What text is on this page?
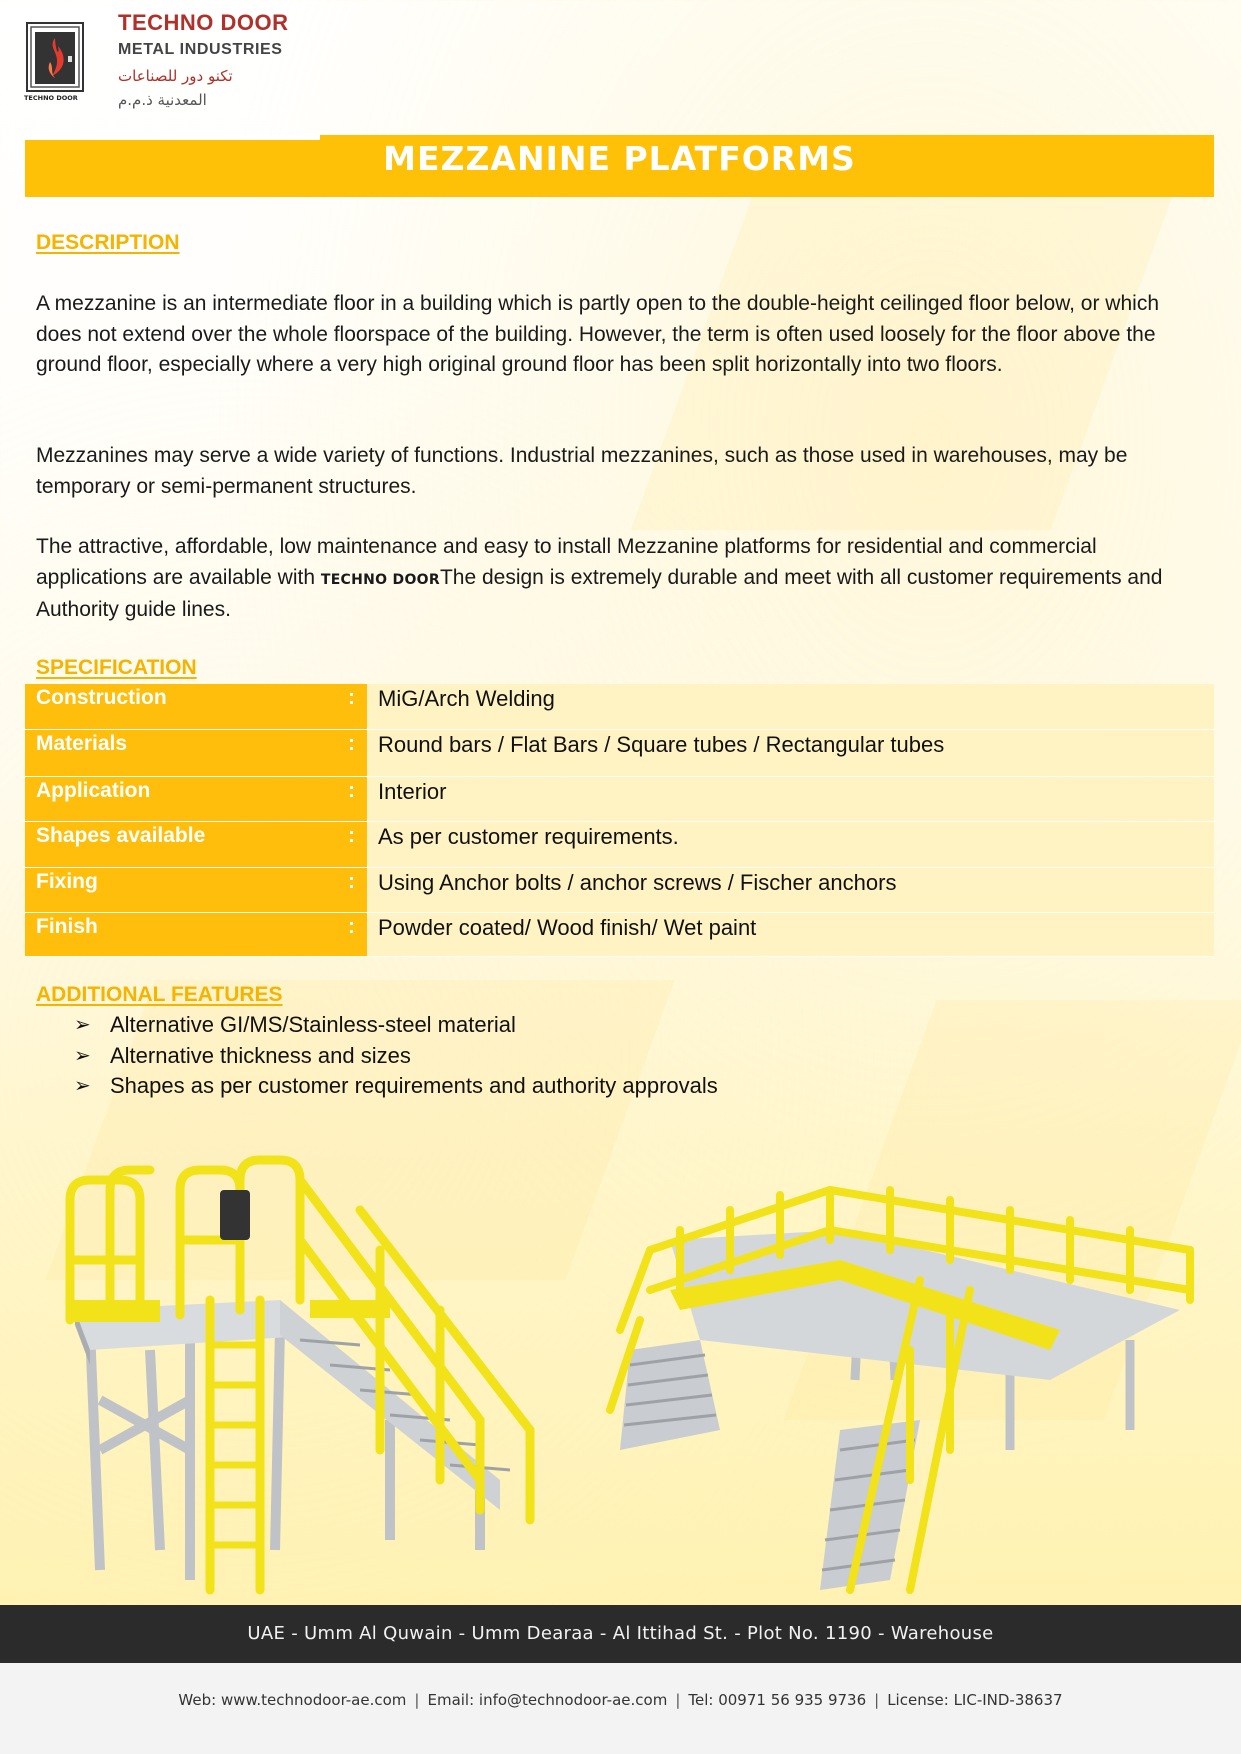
TECHNO DOOR
TECHNO DOOR
METAL INDUSTRIES
تكنو دور للصناعات
المعدنية ذ.م.م
MEZZANINE PLATFORMS
DESCRIPTION
A mezzanine is an intermediate floor in a building which is partly open to the double-height ceilinged floor below, or which does not extend over the whole floorspace of the building. However, the term is often used loosely for the floor above the ground floor, especially where a very high original ground floor has been split horizontally into two floors.
Mezzanines may serve a wide variety of functions. Industrial mezzanines, such as those used in warehouses, may be temporary or semi-permanent structures.
The attractive, affordable, low maintenance and easy to install Mezzanine platforms for residential and commercial applications are available with TECHNO DOORThe design is extremely durable and meet with all customer requirements and Authority guide lines.
SPECIFICATION
Construction	:	MiG/Arch Welding
Materials	:	Round bars / Flat Bars / Square tubes / Rectangular tubes
Application	:	Interior
Shapes available	:	As per customer requirements.
Fixing	:	Using Anchor bolts / anchor screws / Fischer anchors
Finish	:	Powder coated/ Wood finish/ Wet paint
ADDITIONAL FEATURES
➢ Alternative GI/MS/Stainless-steel material
➢ Alternative thickness and sizes
➢ Shapes as per customer requirements and authority approvals
UAE - Umm Al Quwain - Umm Dearaa - Al Ittihad St. - Plot No. 1190 - Warehouse
Web: www.technodoor-ae.com | Email: info@technodoor-ae.com | Tel: 00971 56 935 9736 | License: LIC-IND-38637
